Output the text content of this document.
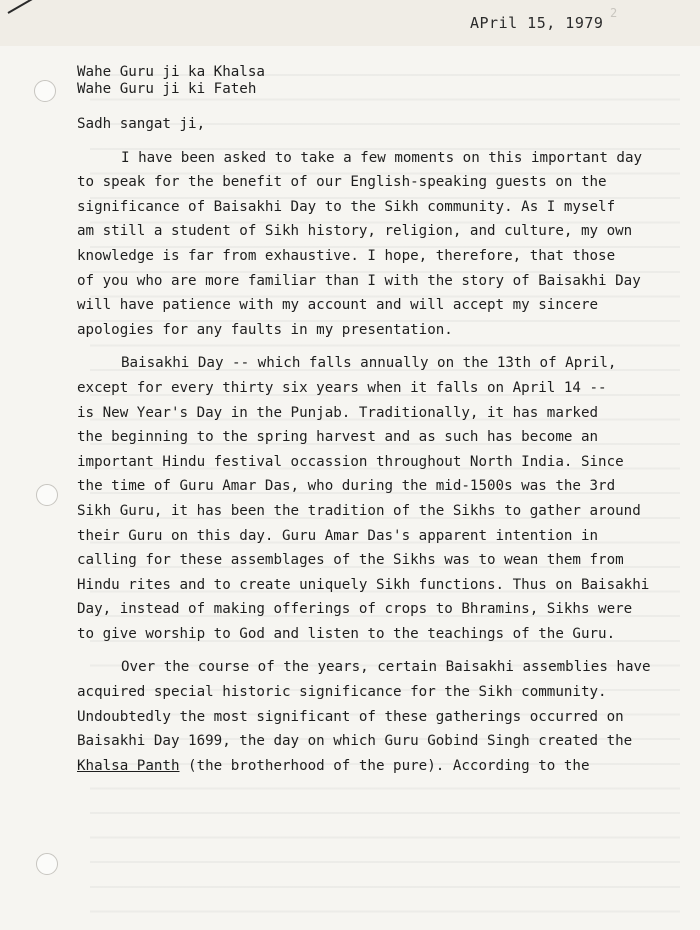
2
APril 15, 1979

Wahe Guru ji ka Khalsa

Wahe Guru ji ki Fateh

Sadh sangat ji,

I have been asked to take a few moments on this important day
to speak for the benefit of our English-speaking guests on the
significance of Baisakhi Day to the Sikh community. As I myself
am still a student of Sikh history, religion, and culture, my own
knowledge is far from exhaustive. I hope, therefore, that those
of you who are more familiar than I with the story of Baisakhi Day
will have patience with my account and will accept my sincere
apologies for any faults in my presentation.

Baisakhi Day -- which falls annually on the 13th of April,
except for every thirty six years when it falls on April 14 --
is New Year's Day in the Punjab. Traditionally, it has marked
the beginning to the spring harvest and as such has become an
important Hindu festival occassion throughout North India. Since
the time of Guru Amar Das, who during the mid-1500s was the 3rd
Sikh Guru, it has been the tradition of the Sikhs to gather around
their Guru on this day. Guru Amar Das's apparent intention in
calling for these assemblages of the Sikhs was to wean them from
Hindu rites and to create uniquely Sikh functions. Thus on Baisakhi
Day, instead of making offerings of crops to Bhramins, Sikhs were
to give worship to God and listen to the teachings of the Guru.

Over the course of the years, certain Baisakhi assemblies have
acquired special historic significance for the Sikh community.
Undoubtedly the most significant of these gatherings occurred on
Baisakhi Day 1699, the day on which Guru Gobind Singh created the
Khalsa Panth (the brotherhood of the pure). According to the
